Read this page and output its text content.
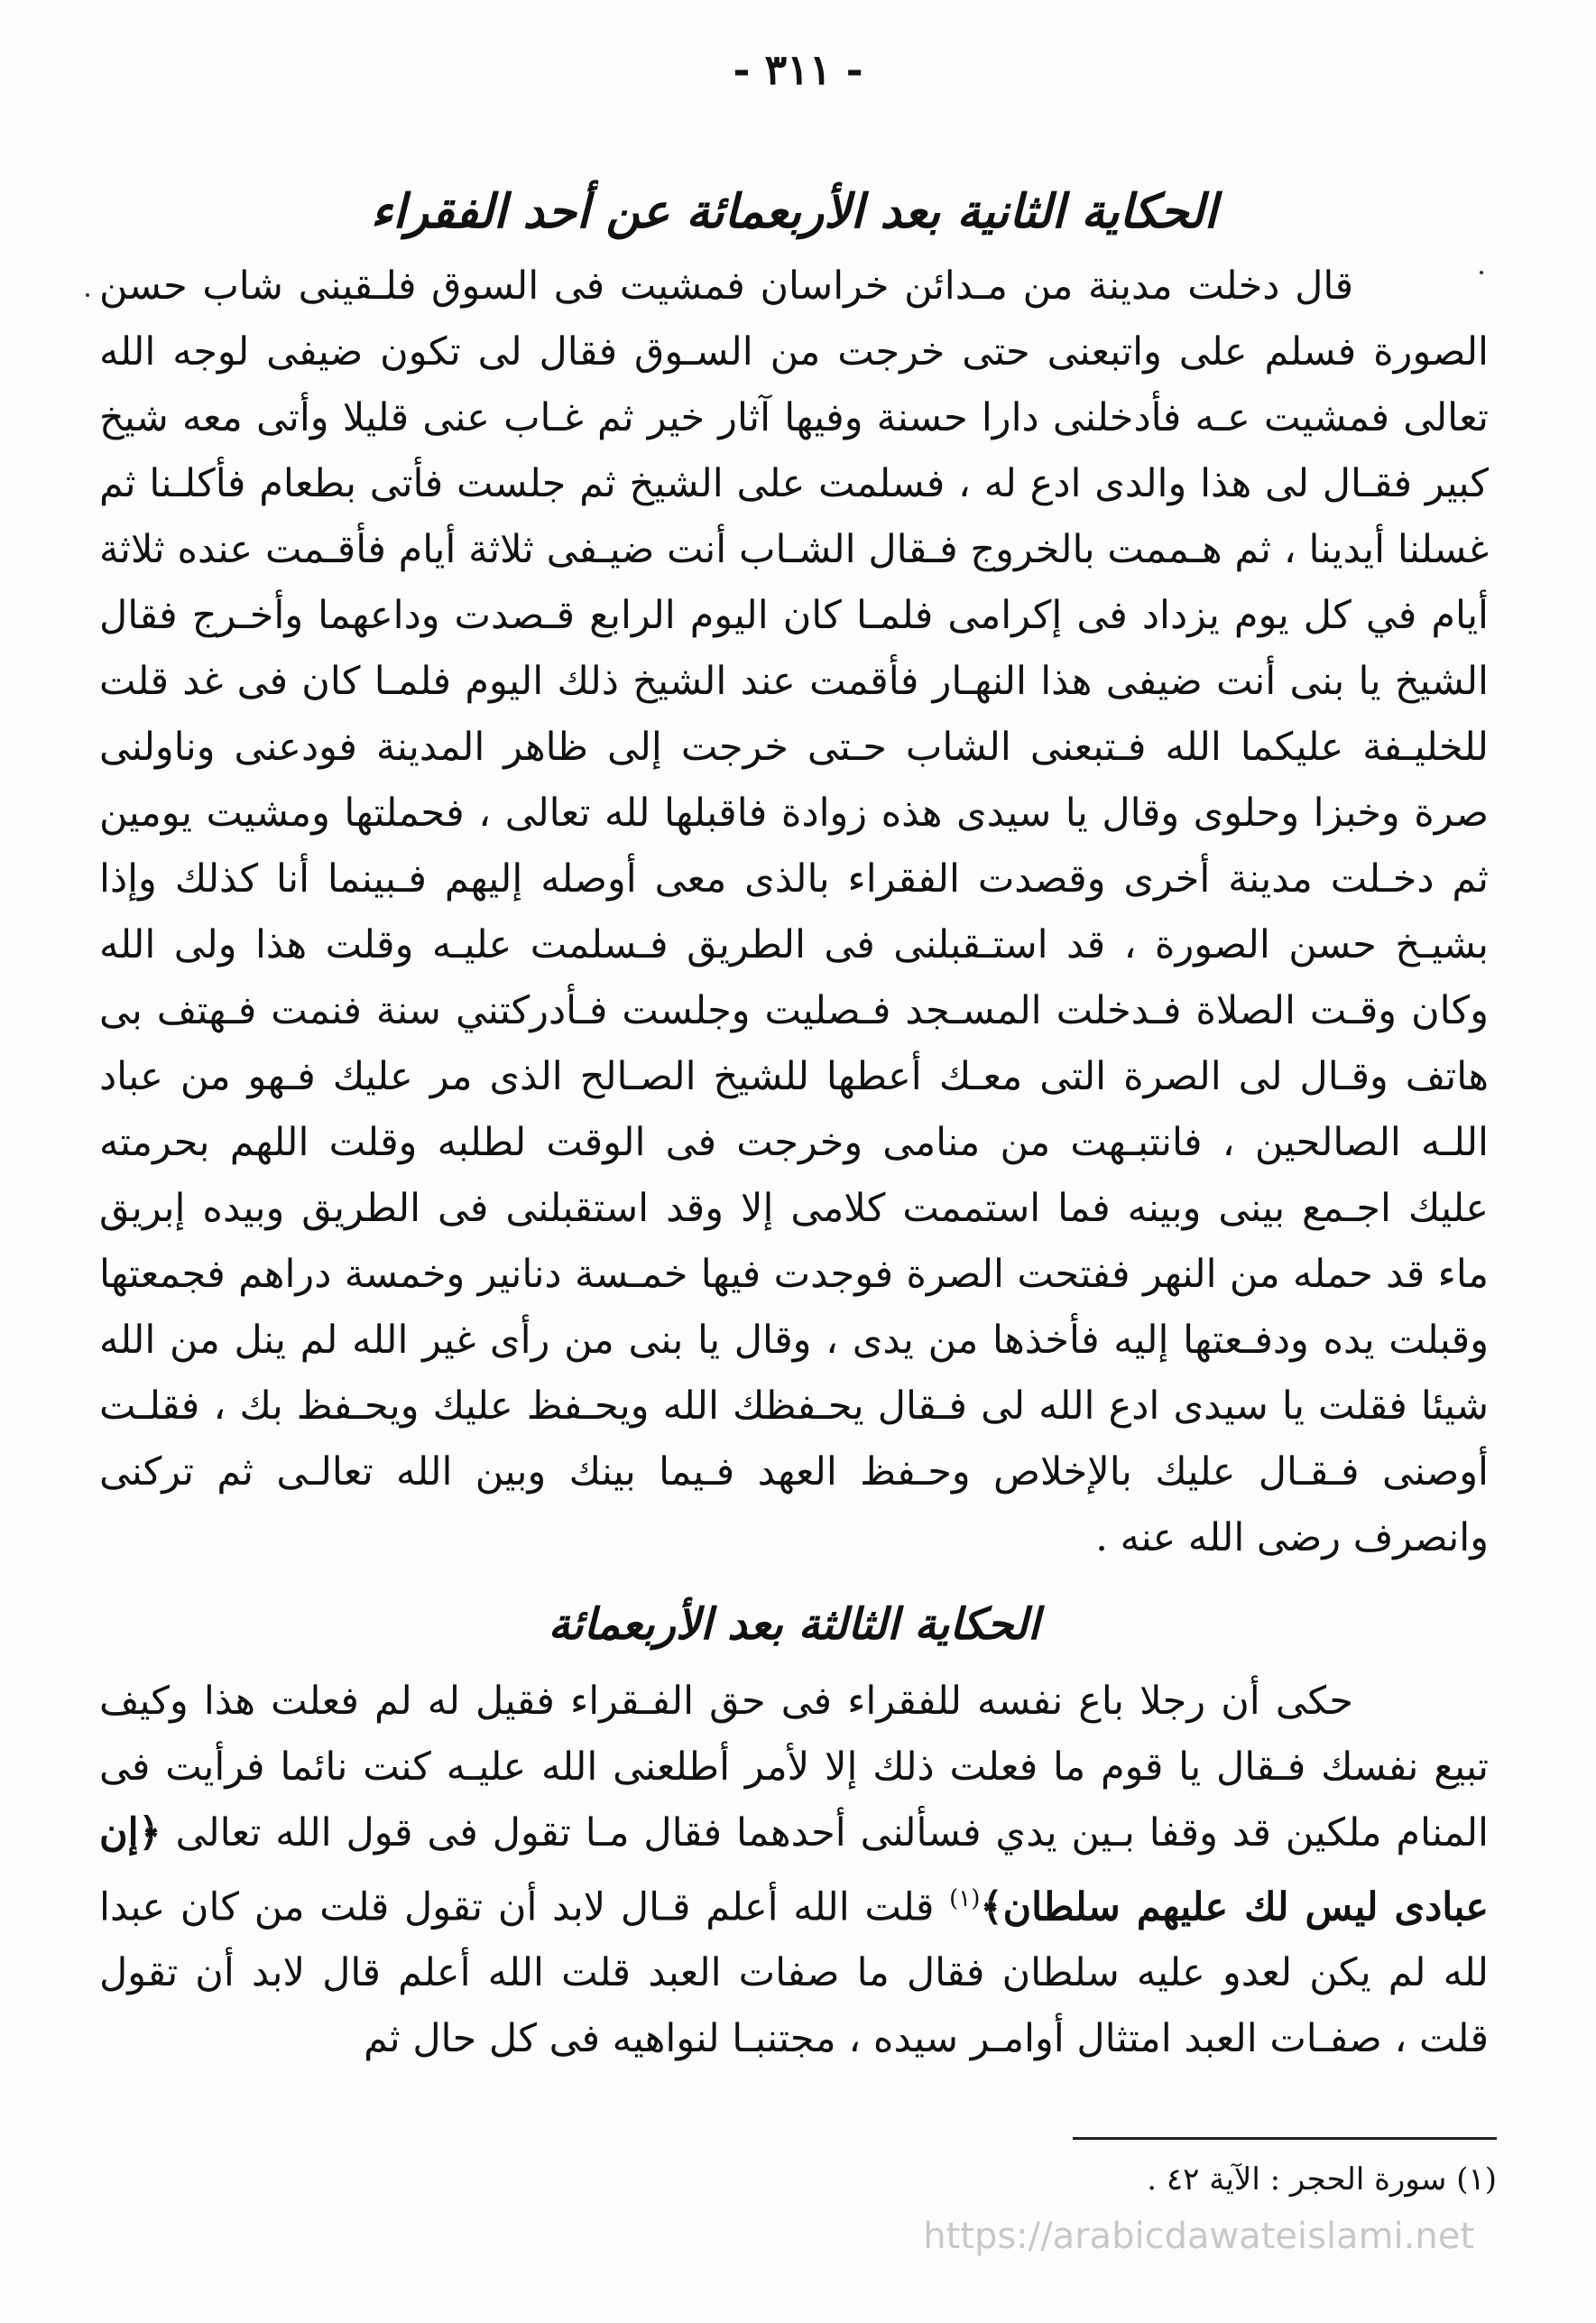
- ٣١١ -
الحكاية الثانية بعد الأربعمائة عن أحد الفقراء

قال دخلت مدينة من مـدائن خراسان فمشيت فى السوق فلـقينى شاب حسن الصورة فسلم على واتبعنى حتى خرجت من السـوق فقال لى تكون ضيفى لوجه الله تعالى فمشيت عـه فأدخلنى دارا حسنة وفيها آثار خير ثم غـاب عنى قليلا وأتى معه شيخ كبير فقـال لى هذا والدى ادع له ، فسلمت على الشيخ ثم جلست فأتى بطعام فأكلـنا ثم غسلنا أيدينا ، ثم هـممت بالخروج فـقال الشـاب أنت ضيـفى ثلاثة أيام فأقـمت عنده ثلاثة أيام في كل يوم يزداد فى إكرامى فلمـا كان اليوم الرابع قـصدت وداعهما وأخـرج فقال الشيخ يا بنى أنت ضيفى هذا النهـار فأقمت عند الشيخ ذلك اليوم فلمـا كان فى غد قلت للخليـفة عليكما الله فـتبعنى الشاب حـتى خرجت إلى ظاهر المدينة فودعنى وناولنى صرة وخبزا وحلوى وقال يا سيدى هذه زوادة فاقبلها لله تعالى ، فحملتها ومشيت يومين ثم دخـلت مدينة أخرى وقصدت الفقراء بالذى معى أوصله إليهم فـبينما أنا كذلك وإذا بشيـخ حسن الصورة ، قد استـقبلنى فى الطريق فـسلمت عليـه وقلت هذا ولى الله وكان وقـت الصلاة فـدخلت المسـجد فـصليت وجلست فـأدركتني سنة فنمت فـهتف بى هاتف وقـال لى الصرة التى معـك أعطها للشيخ الصـالح الذى مر عليك فـهو من عباد اللـه الصالحين ، فانتبـهت من منامى وخرجت فى الوقت لطلبه وقلت اللهم بحرمته عليك اجـمع بينى وبينه فما استممت كلامى إلا وقد استقبلنى فى الطريق وبيده إبريق ماء قد حمله من النهر ففتحت الصرة فوجدت فيها خمـسة دنانير وخمسة دراهم فجمعتها وقبلت يده ودفـعتها إليه فأخذها من يدى ، وقال يا بنى من رأى غير الله لم ينل من الله شيئا فقلت يا سيدى ادع الله لى فـقال يحـفظك الله ويحـفظ عليك ويحـفظ بك ، فقلـت أوصنى فـقـال عليك بالإخلاص وحـفظ العهد فـيما بينك وبين الله تعالـى ثم تركنى وانصرف رضى الله عنه .

الحكاية الثالثة بعد الأربعمائة

حكى أن رجلا باع نفسه للفقراء فى حق الفـقراء فقيل له لم فعلت هذا وكيف تبيع نفسك فـقال يا قوم ما فعلت ذلك إلا لأمر أطلعنى الله عليـه كنت نائما فرأيت فى المنام ملكين قد وقفا بـين يدي فسألنى أحدهما فقال مـا تقول فى قول الله تعالى ﴿إن عبادى ليس لك عليهم سلطان﴾$^{(١)}$ قلت الله أعلم قـال لابد أن تقول قلت من كان عبدا لله لم يكن لعدو عليه سلطان فقال ما صفات العبد قلت الله أعلم قال لابد أن تقول قلت ، صفـات العبد امتثال أوامـر سيده ، مجتنبـا لنواهيه فى كل حال ثم

(١) سورة الحجر : الآية ٤٢ .
https://arabicdawateislami.net
